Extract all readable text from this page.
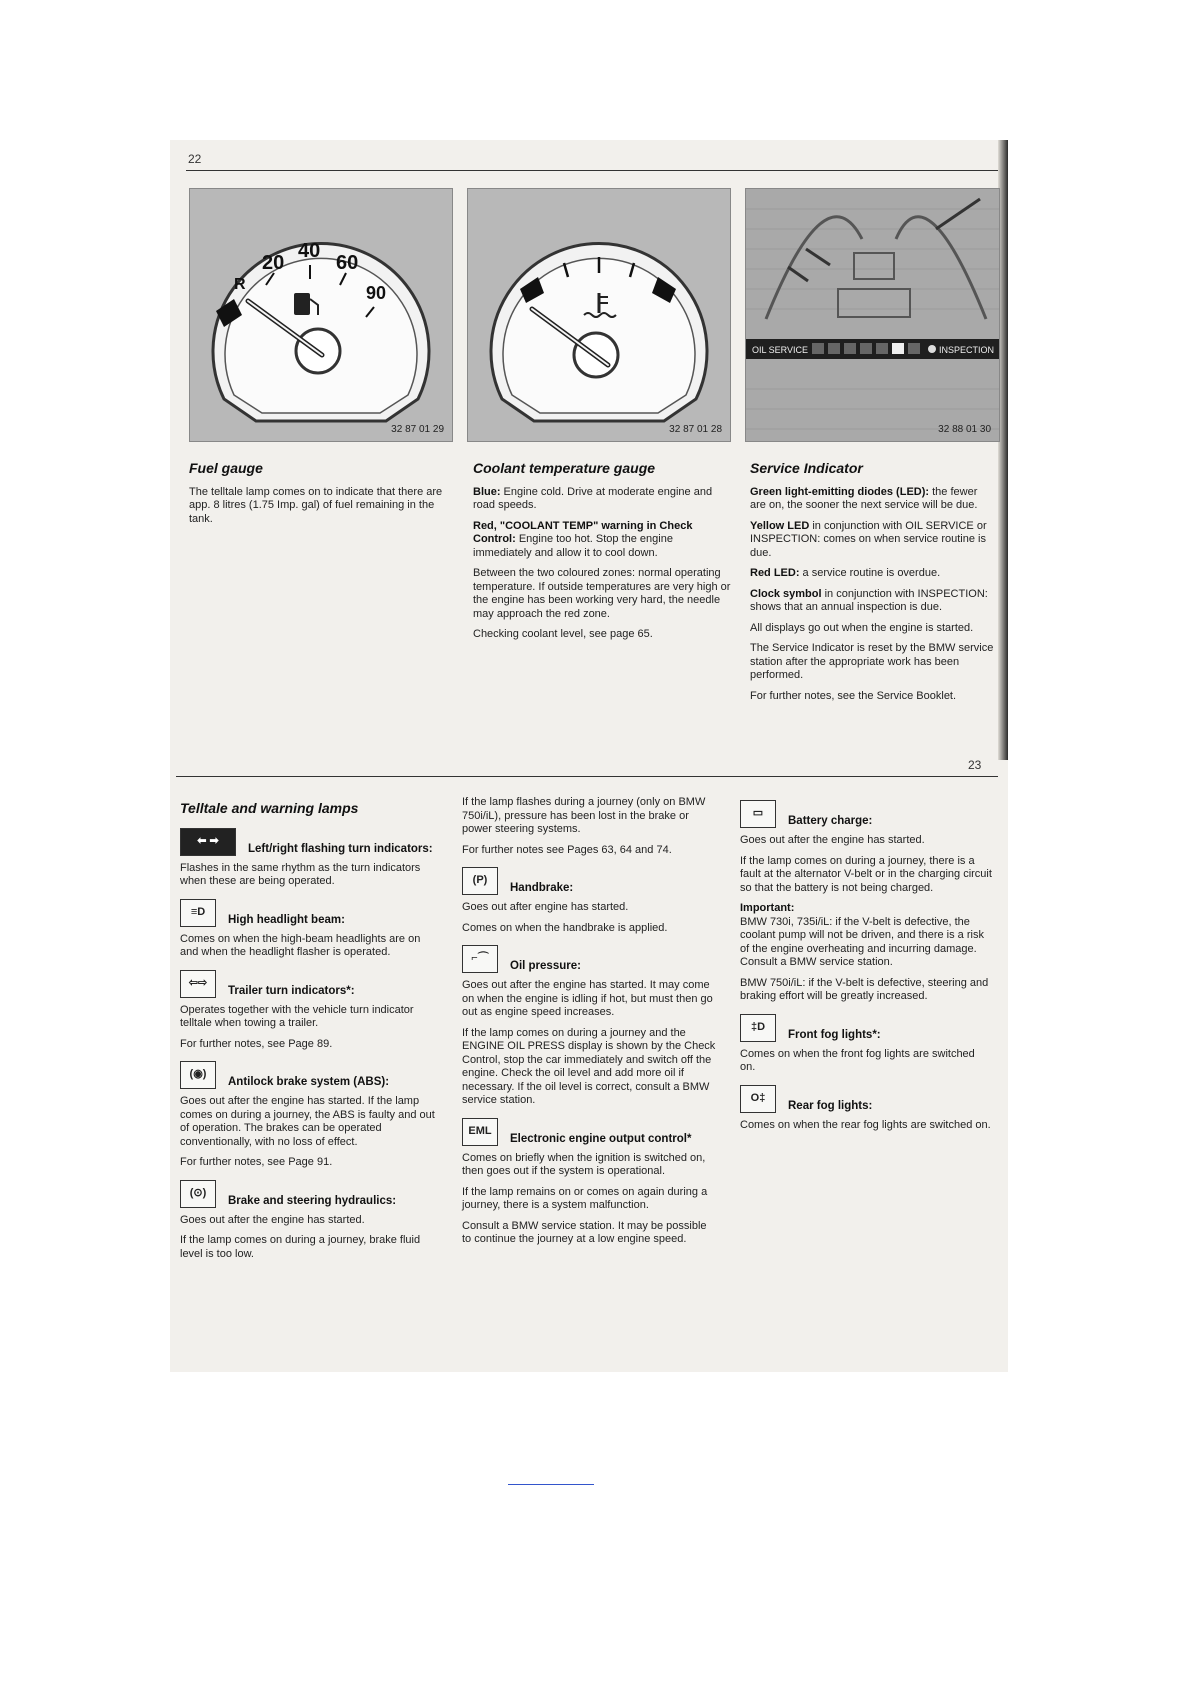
22
20
40
60
R	90
32 87 01 29	32 87 01 28
OIL SERVICE	INSPECTION
32 88 01 30
Fuel gauge

The telltale lamp comes on to indicate that there are app. 8 litres (1.75 Imp. gal) of fuel remaining in the tank.

Coolant temperature gauge

Blue: Engine cold. Drive at moderate engine and road speeds.

Red, "COOLANT TEMP" warning in Check Control: Engine too hot. Stop the engine immediately and allow it to cool down.

Between the two coloured zones: normal operating temperature. If outside temperatures are very high or the engine has been working very hard, the needle may approach the red zone.

Checking coolant level, see page 65.

Service Indicator

Green light-emitting diodes (LED): the fewer are on, the sooner the next service will be due.

Yellow LED in conjunction with OIL SERVICE or INSPECTION: comes on when service routine is due.

Red LED: a service routine is overdue.

Clock symbol in conjunction with INSPECTION: shows that an annual inspection is due.

All displays go out when the engine is started.

The Service Indicator is reset by the BMW service station after the appropriate work has been performed.

For further notes, see the Service Booklet.

23
Telltale and warning lamps
⬅ ➡
Left/right flashing turn indicators:

Flashes in the same rhythm as the turn indicators when these are being operated.

≡D
High headlight beam:

Comes on when the high-beam headlights are on and when the headlight flasher is operated.

⇦⇨
Trailer turn indicators*:

Operates together with the vehicle turn indicator telltale when towing a trailer.

For further notes, see Page 89.

(◉)
Antilock brake system (ABS):

Goes out after the engine has started. If the lamp comes on during a journey, the ABS is faulty and out of operation. The brakes can be operated conventionally, with no loss of effect.

For further notes, see Page 91.

(⊙)
Brake and steering hydraulics:

Goes out after the engine has started.

If the lamp comes on during a journey, brake fluid level is too low.

If the lamp flashes during a journey (only on BMW 750i/iL), pressure has been lost in the brake or power steering systems.

For further notes see Pages 63, 64 and 74.

(P)
Handbrake:

Goes out after engine has started.

Comes on when the handbrake is applied.

⌐⌒
Oil pressure:

Goes out after the engine has started. It may come on when the engine is idling if hot, but must then go out as engine speed increases.

If the lamp comes on during a journey and the ENGINE OIL PRESS display is shown by the Check Control, stop the car immediately and switch off the engine. Check the oil level and add more oil if necessary. If the oil level is correct, consult a BMW service station.

EML
Electronic engine output control*

Comes on briefly when the ignition is switched on, then goes out if the system is operational.

If the lamp remains on or comes on again during a journey, there is a system malfunction.

Consult a BMW service station. It may be possible to continue the journey at a low engine speed.

▭
Battery charge:

Goes out after the engine has started.

If the lamp comes on during a journey, there is a fault at the alternator V-belt or in the charging circuit so that the battery is not being charged.

Important:

BMW 730i, 735i/iL: if the V-belt is defective, the coolant pump will not be driven, and there is a risk of the engine overheating and incurring damage. Consult a BMW service station.

BMW 750i/iL: if the V-belt is defective, steering and braking effort will be greatly increased.

‡D
Front fog lights*:

Comes on when the front fog lights are switched on.

O‡
Rear fog lights:

Comes on when the rear fog lights are switched on.
